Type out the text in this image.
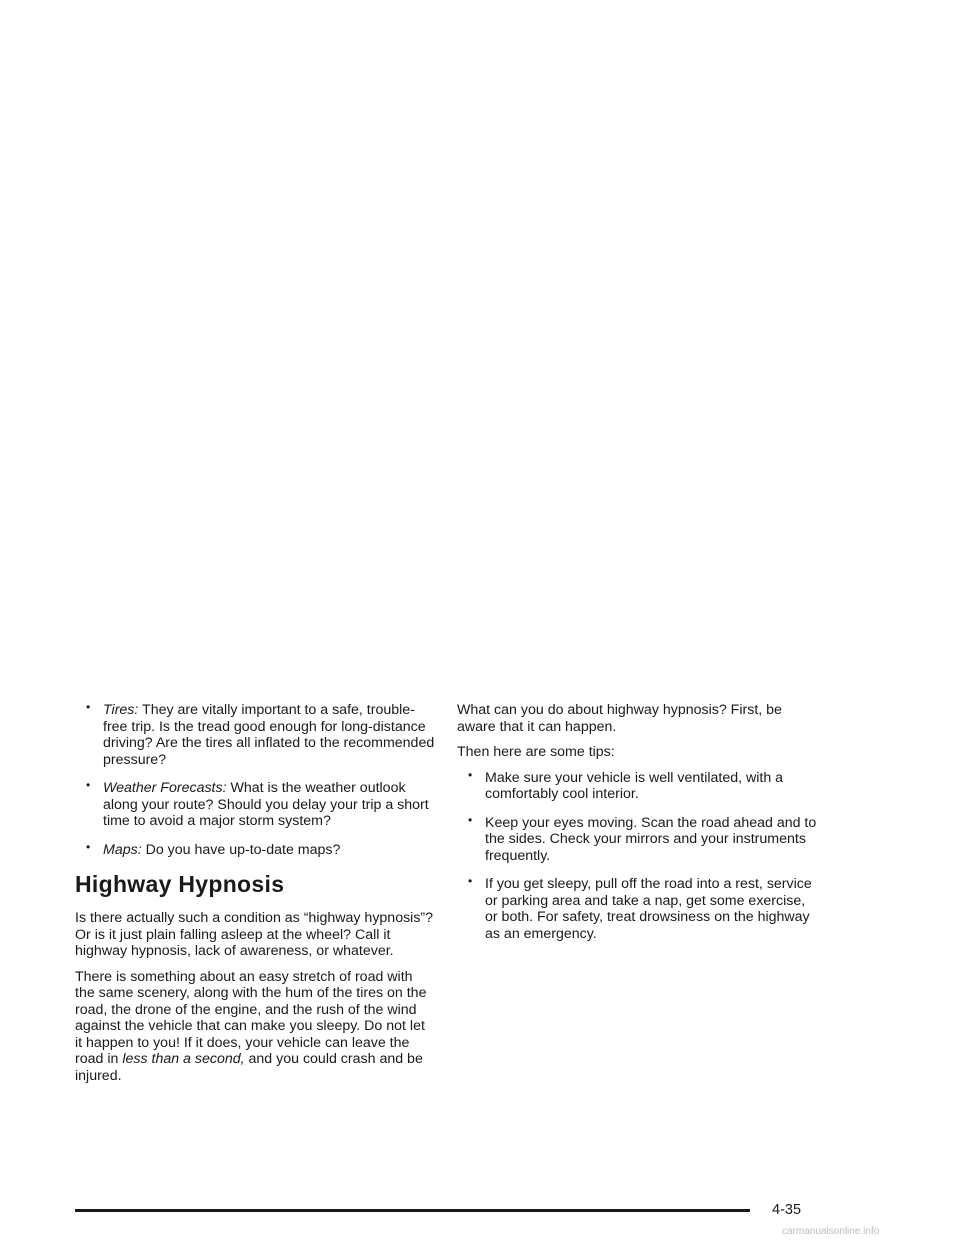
• Tires: They are vitally important to a safe, trouble-free trip. Is the tread good enough for long-distance driving? Are the tires all inflated to the recommended pressure?
• Weather Forecasts: What is the weather outlook along your route? Should you delay your trip a short time to avoid a major storm system?
• Maps: Do you have up-to-date maps?
Highway Hypnosis

Is there actually such a condition as “highway hypnosis”? Or is it just plain falling asleep at the wheel? Call it highway hypnosis, lack of awareness, or whatever.

There is something about an easy stretch of road with the same scenery, along with the hum of the tires on the road, the drone of the engine, and the rush of the wind against the vehicle that can make you sleepy. Do not let it happen to you! If it does, your vehicle can leave the road in less than a second, and you could crash and be injured.

What can you do about highway hypnosis? First, be aware that it can happen.

Then here are some tips:

• Make sure your vehicle is well ventilated, with a comfortably cool interior.
• Keep your eyes moving. Scan the road ahead and to the sides. Check your mirrors and your instruments frequently.
• If you get sleepy, pull off the road into a rest, service or parking area and take a nap, get some exercise, or both. For safety, treat drowsiness on the highway as an emergency.
4-35
carmanualsonline.info
